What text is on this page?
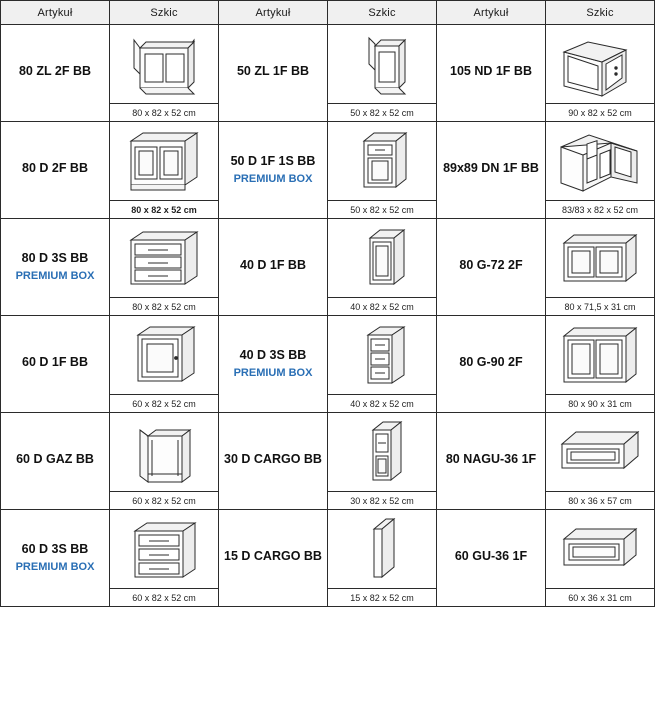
Artykuł	Szkic	Artykuł	Szkic	Artykuł	Szkic

80 ZL 2F BB	80 x 82 x 52 cm	50 ZL 1F BB	50 x 82 x 52 cm	105 ND 1F BB	90 x 82 x 52 cm

80 D 2F BB	80 x 82 x 52 cm	50 D 1F 1S BB
PREMIUM BOX	50 x 82 x 52 cm	89x89 DN 1F BB	83/83 x 82 x 52 cm

80 D 3S BB
PREMIUM BOX	80 x 82 x 52 cm	40 D 1F BB	40 x 82 x 52 cm	80 G-72 2F	80 x 71,5 x 31 cm

60 D 1F BB	60 x 82 x 52 cm	40 D 3S BB
PREMIUM BOX	40 x 82 x 52 cm	80 G-90 2F	80 x 90 x 31 cm

60 D GAZ BB	60 x 82 x 52 cm	30 D CARGO BB	30 x 82 x 52 cm	80 NAGU-36 1F	80 x 36 x 57 cm

60 D 3S BB
PREMIUM BOX	60 x 82 x 52 cm	15 D CARGO BB	15 x 82 x 52 cm	60 GU-36 1F	60 x 36 x 31 cm
